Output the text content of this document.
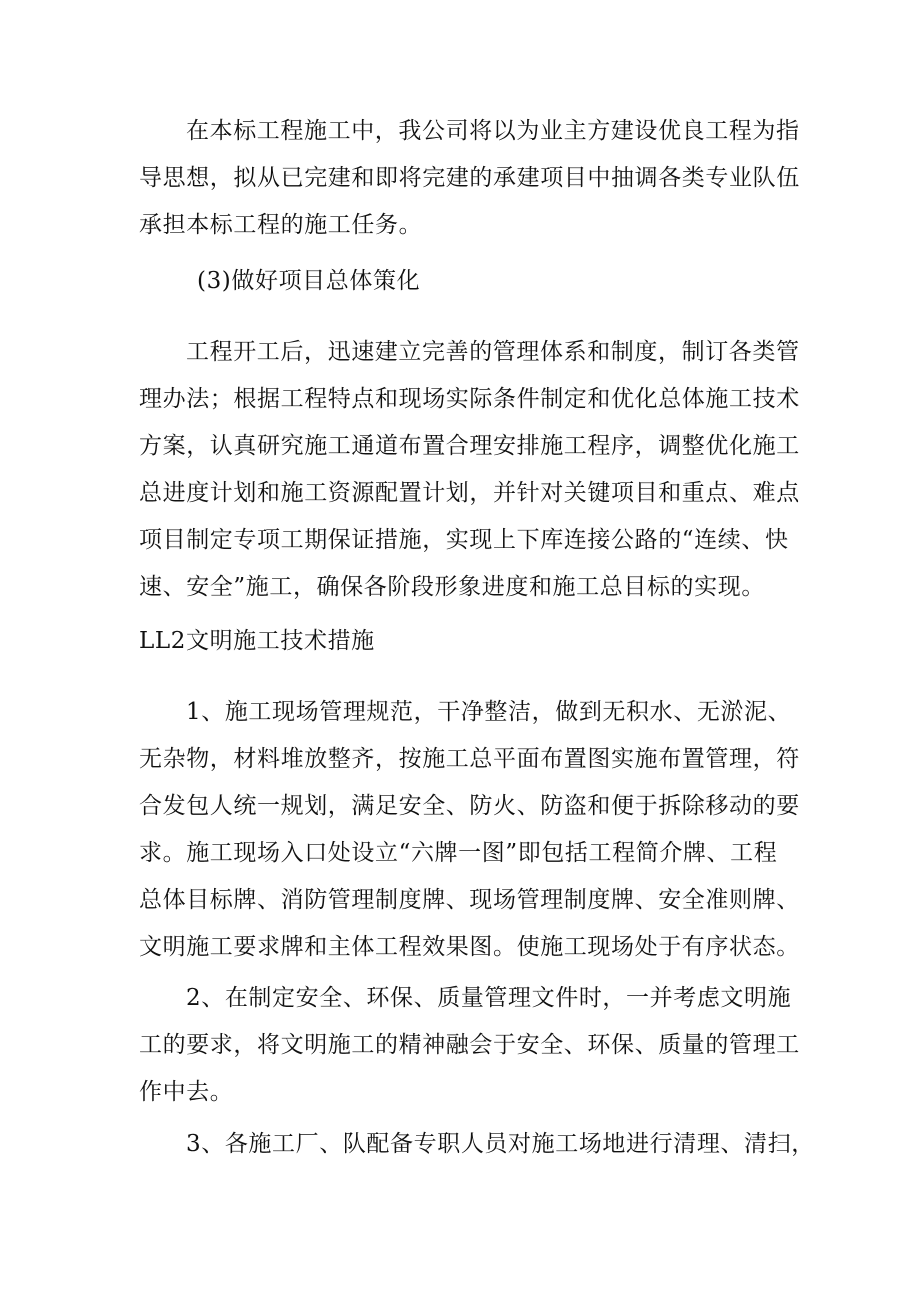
在本标工程施工中，我公司将以为业主方建设优良工程为指
导思想，拟从已完建和即将完建的承建项目中抽调各类专业队伍
承担本标工程的施工任务。
(3)做好项目总体策化
工程开工后，迅速建立完善的管理体系和制度，制订各类管
理办法；根据工程特点和现场实际条件制定和优化总体施工技术
方案，认真研究施工通道布置合理安排施工程序，调整优化施工
总进度计划和施工资源配置计划，并针对关键项目和重点、难点
项目制定专项工期保证措施，实现上下库连接公路的“连续、快
速、安全”施工，确保各阶段形象进度和施工总目标的实现。
LL2文明施工技术措施
1、施工现场管理规范，干净整洁，做到无积水、无淤泥、
无杂物，材料堆放整齐，按施工总平面布置图实施布置管理，符
合发包人统一规划，满足安全、防火、防盗和便于拆除移动的要
求。施工现场入口处设立“六牌一图”即包括工程简介牌、工程
总体目标牌、消防管理制度牌、现场管理制度牌、安全准则牌、
文明施工要求牌和主体工程效果图。使施工现场处于有序状态。
2、在制定安全、环保、质量管理文件时，一并考虑文明施
工的要求，将文明施工的精神融会于安全、环保、质量的管理工
作中去。
3、各施工厂、队配备专职人员对施工场地进行清理、清扫，
